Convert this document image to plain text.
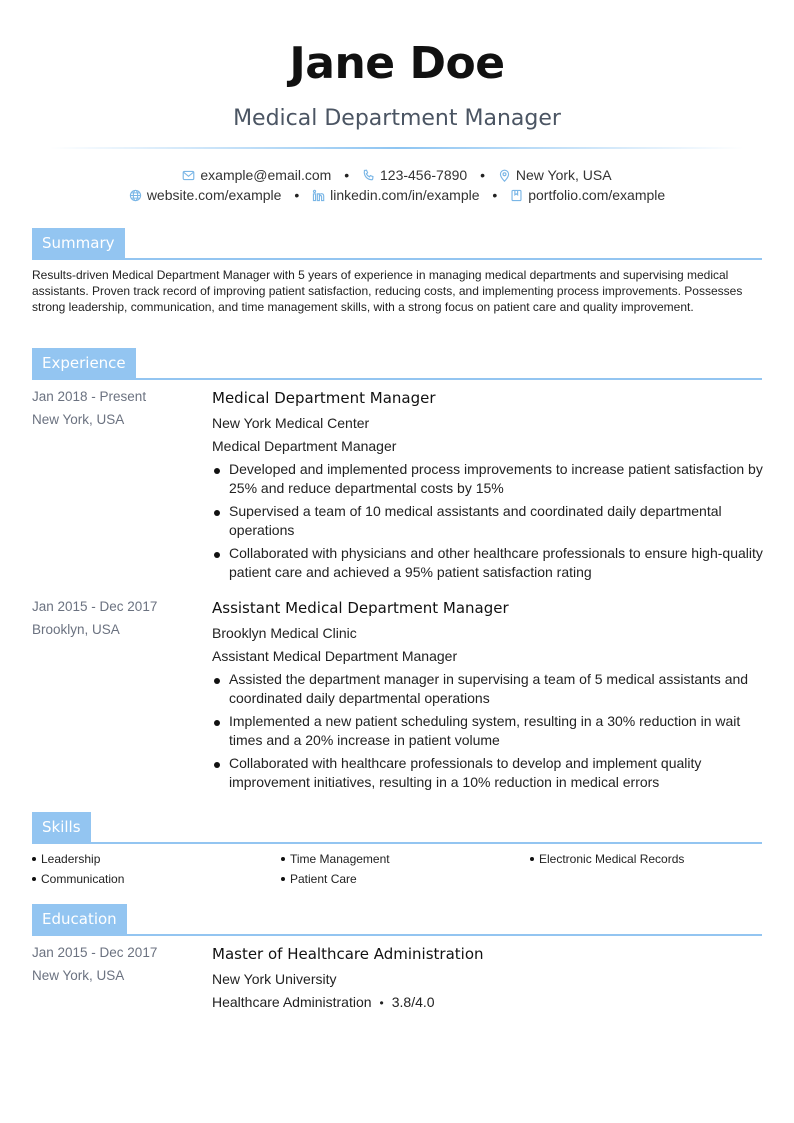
Jane Doe
Medical Department Manager
example@email.com • 123-456-7890 • New York, USA
website.com/example • linkedin.com/in/example • portfolio.com/example
Summary
Results-driven Medical Department Manager with 5 years of experience in managing medical departments and supervising medical assistants. Proven track record of improving patient satisfaction, reducing costs, and implementing process improvements. Possesses strong leadership, communication, and time management skills, with a strong focus on patient care and quality improvement.
Experience
Jan 2018 - Present
New York, USA
Medical Department Manager
New York Medical Center
Medical Department Manager
Developed and implemented process improvements to increase patient satisfaction by 25% and reduce departmental costs by 15%
Supervised a team of 10 medical assistants and coordinated daily departmental operations
Collaborated with physicians and other healthcare professionals to ensure high-quality patient care and achieved a 95% patient satisfaction rating
Jan 2015 - Dec 2017
Brooklyn, USA
Assistant Medical Department Manager
Brooklyn Medical Clinic
Assistant Medical Department Manager
Assisted the department manager in supervising a team of 5 medical assistants and coordinated daily departmental operations
Implemented a new patient scheduling system, resulting in a 30% reduction in wait times and a 20% increase in patient volume
Collaborated with healthcare professionals to develop and implement quality improvement initiatives, resulting in a 10% reduction in medical errors
Skills
Leadership	Time Management	Electronic Medical Records
Communication	Patient Care
Education
Jan 2015 - Dec 2017
New York, USA
Master of Healthcare Administration
New York University
Healthcare Administration • 3.8/4.0
